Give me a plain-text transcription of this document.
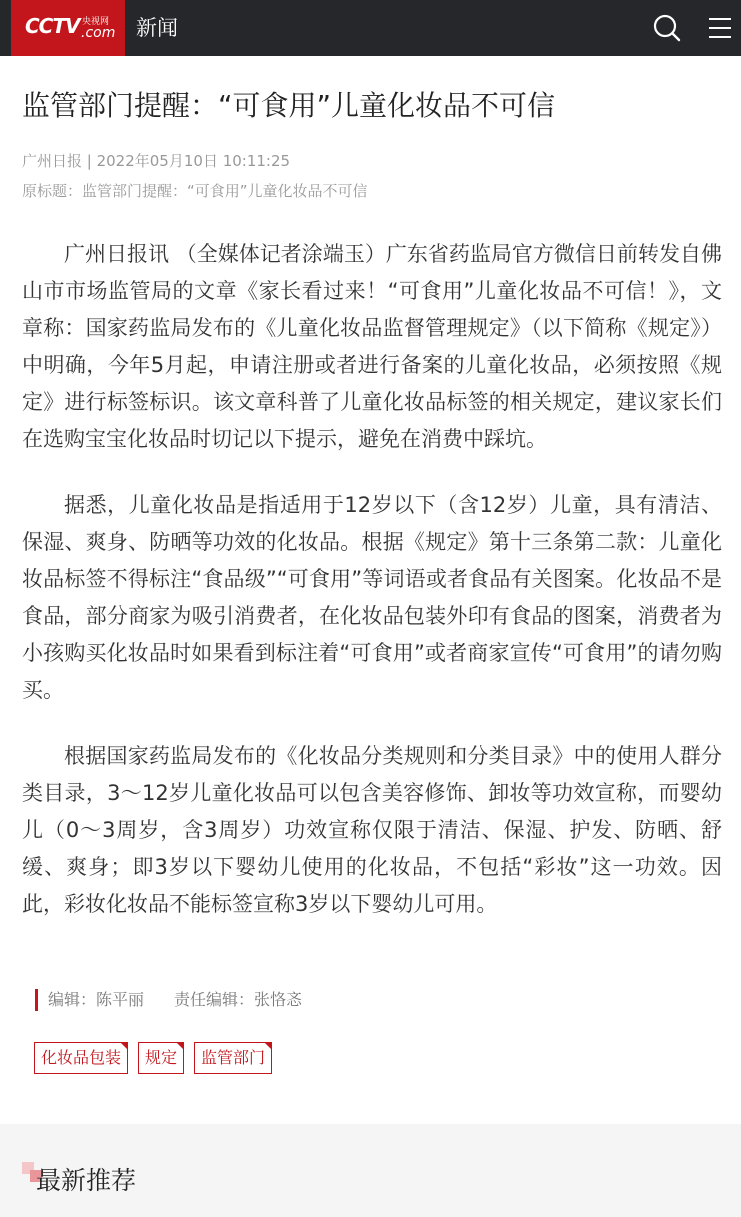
CCTV 央视网
.com 新闻
监管部门提醒：“可食用”儿童化妆品不可信
广州日报 | 2022年05月10日 10:11:25
原标题：监管部门提醒：“可食用”儿童化妆品不可信

广州日报讯 （全媒体记者涂端玉）广东省药监局官方微信日前转发自佛山市市场监管局的文章《家长看过来！“可食用”儿童化妆品不可信！》，文章称：国家药监局发布的《儿童化妆品监督管理规定》（以下简称《规定》）中明确，今年5月起，申请注册或者进行备案的儿童化妆品，必须按照《规定》进行标签标识。该文章科普了儿童化妆品标签的相关规定，建议家长们在选购宝宝化妆品时切记以下提示，避免在消费中踩坑。

据悉，儿童化妆品是指适用于12岁以下（含12岁）儿童，具有清洁、保湿、爽身、防晒等功效的化妆品。根据《规定》第十三条第二款：儿童化妆品标签不得标注“食品级”“可食用”等词语或者食品有关图案。化妆品不是食品，部分商家为吸引消费者，在化妆品包装外印有食品的图案，消费者为小孩购买化妆品时如果看到标注着“可食用”或者商家宣传“可食用”的请勿购买。

根据国家药监局发布的《化妆品分类规则和分类目录》中的使用人群分类目录，3～12岁儿童化妆品可以包含美容修饰、卸妆等功效宣称，而婴幼儿（0～3周岁，含3周岁）功效宣称仅限于清洁、保湿、护发、防晒、舒缓、爽身；即3岁以下婴幼儿使用的化妆品，不包括“彩妆”这一功效。因此，彩妆化妆品不能标签宣称3岁以下婴幼儿可用。

编辑：陈平丽 责任编辑：张恪忞
化妆品包装 规定 监管部门
最新推荐
